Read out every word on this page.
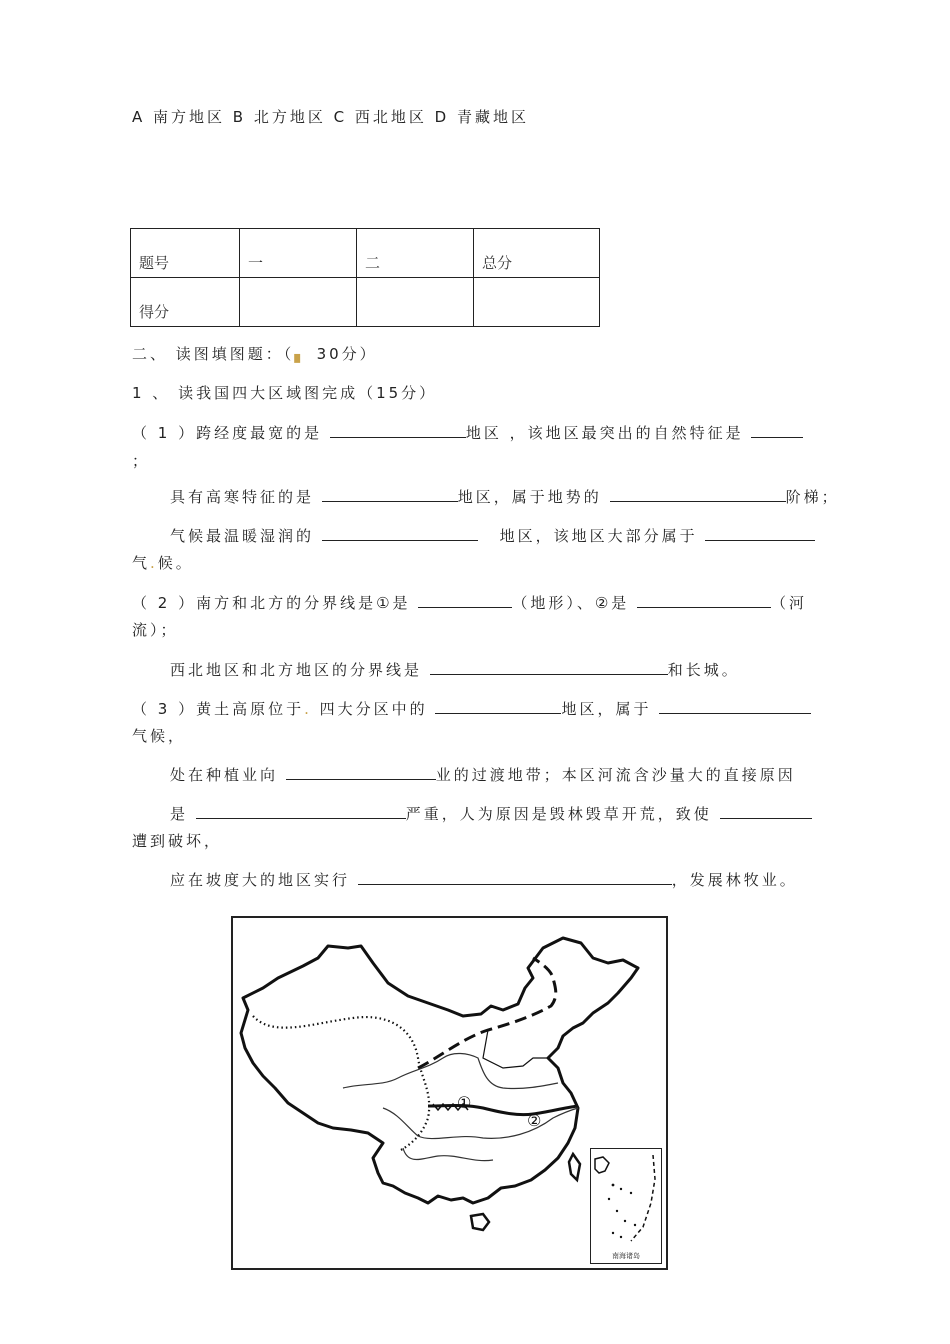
A 南方地区 B 北方地区 C 西北地区 D 青藏地区
题号	一	二	总分
得分			
二、 读图填图题：（▖ 30分）
1 、 读我国四大区域图完成（15分）
（ 1 ）跨经度最宽的是	地区 ，该地区最突出的自然特征是
；
具有高寒特征的是	地区，属于地势的	阶梯；
气候最温暖湿润的	地区，该地区大部分属于
气.候。
（ 2 ）南方和北方的分界线是①是	（地形）、②是	（河
流）；
西北地区和北方地区的分界线是	和长城。
（ 3 ）黄土高原位于. 四大分区中的	地区，属于
气候，
处在种植业向	业的过渡地带；本区河流含沙量大的直接原因
是	严重，人为原因是毁林毁草开荒，致使
遭到破坏，
应在坡度大的地区实行	，发展林牧业。
①
②
南海诸岛
